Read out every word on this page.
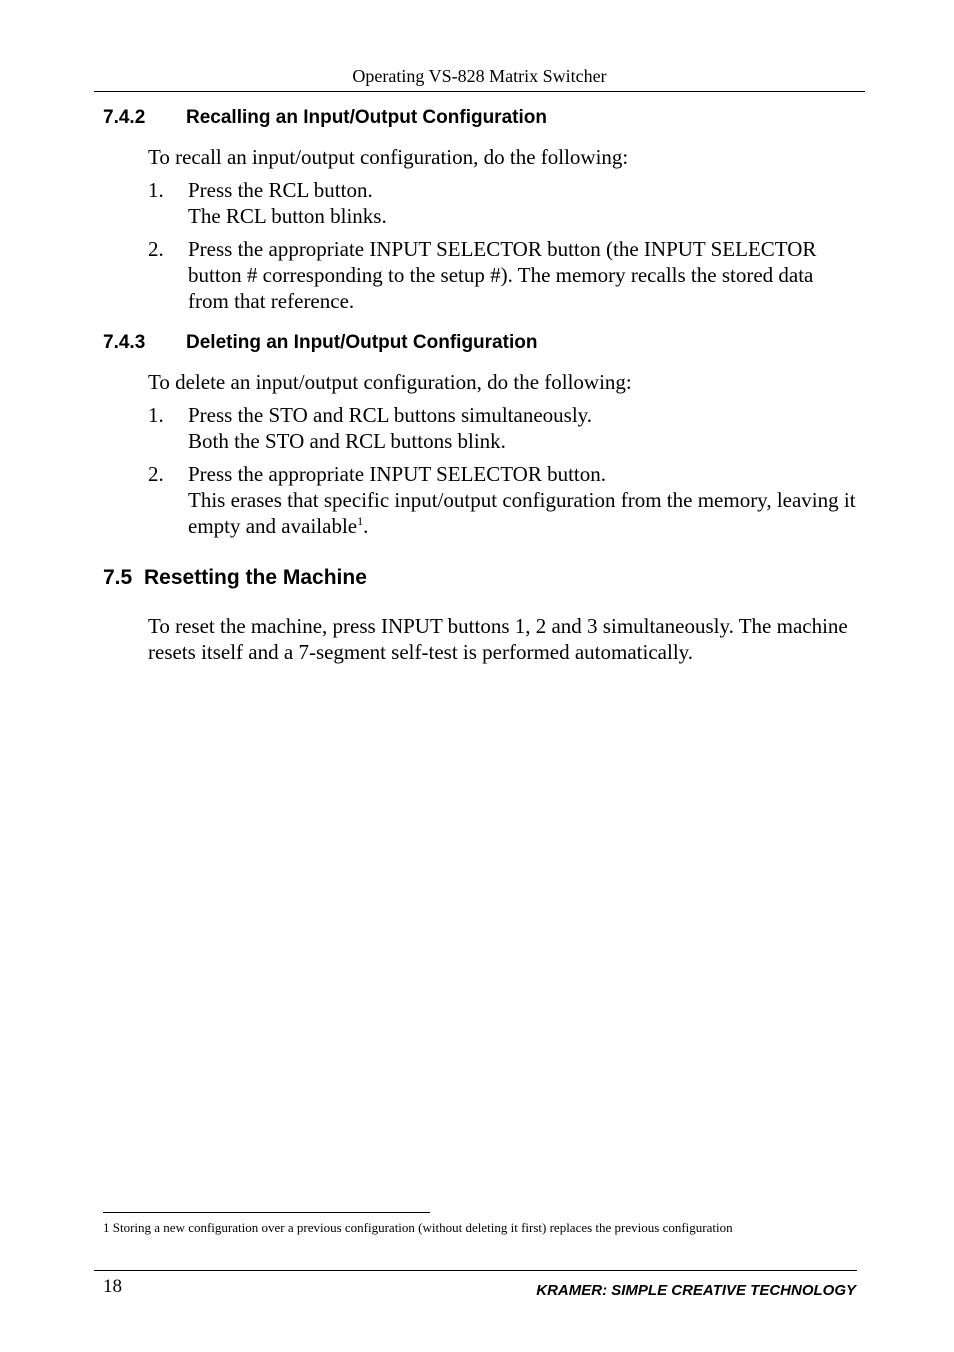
Operating VS-828 Matrix Switcher
7.4.2 Recalling an Input/Output Configuration
To recall an input/output configuration, do the following:
1. Press the RCL button.
The RCL button blinks.
2. Press the appropriate INPUT SELECTOR button (the INPUT SELECTOR button # corresponding to the setup #). The memory recalls the stored data from that reference.
7.4.3 Deleting an Input/Output Configuration
To delete an input/output configuration, do the following:
1. Press the STO and RCL buttons simultaneously.
Both the STO and RCL buttons blink.
2. Press the appropriate INPUT SELECTOR button.
This erases that specific input/output configuration from the memory, leaving it empty and available$^1$.
7.5 Resetting the Machine
To reset the machine, press INPUT buttons 1, 2 and 3 simultaneously. The machine resets itself and a 7-segment self-test is performed automatically.
1 Storing a new configuration over a previous configuration (without deleting it first) replaces the previous configuration
18	KRAMER: SIMPLE CREATIVE TECHNOLOGY
